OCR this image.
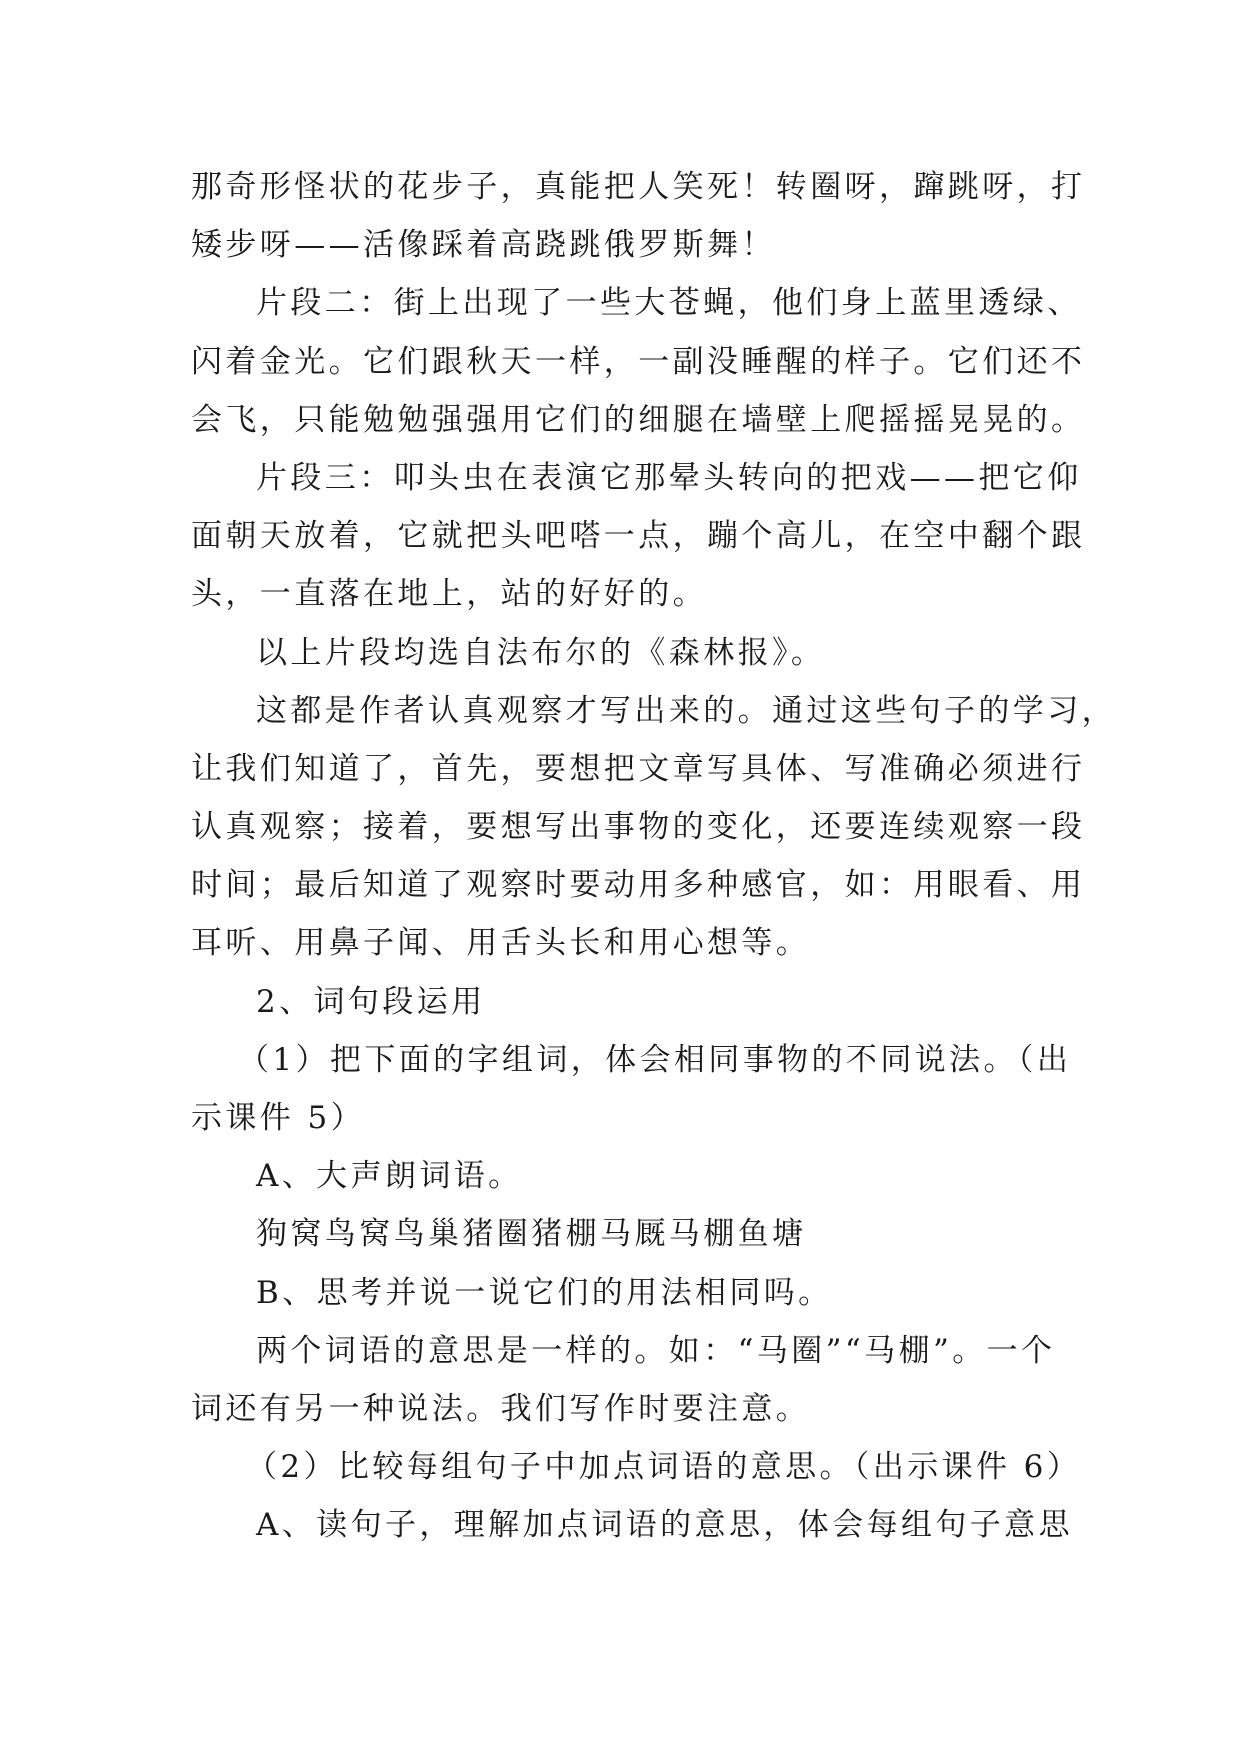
那奇形怪状的花步子，真能把人笑死！转圈呀，蹿跳呀，打
矮步呀——活像踩着高跷跳俄罗斯舞！
片段二：街上出现了一些大苍蝇，他们身上蓝里透绿、
闪着金光。它们跟秋天一样，一副没睡醒的样子。它们还不
会飞，只能勉勉强强用它们的细腿在墙壁上爬摇摇晃晃的。
片段三：叩头虫在表演它那晕头转向的把戏——把它仰
面朝天放着，它就把头吧嗒一点，蹦个高儿，在空中翻个跟
头，一直落在地上，站的好好的。
以上片段均选自法布尔的《森林报》。
这都是作者认真观察才写出来的。通过这些句子的学习，
让我们知道了，首先，要想把文章写具体、写准确必须进行
认真观察；接着，要想写出事物的变化，还要连续观察一段
时间；最后知道了观察时要动用多种感官，如：用眼看、用
耳听、用鼻子闻、用舌头长和用心想等。
2、词句段运用
（1）把下面的字组词，体会相同事物的不同说法。（出
示课件 5）
A、大声朗词语。
狗窝鸟窝鸟巢猪圈猪棚马厩马棚鱼塘
B、思考并说一说它们的用法相同吗。
两个词语的意思是一样的。如：“马圈”“马棚”。一个
词还有另一种说法。我们写作时要注意。
（2）比较每组句子中加点词语的意思。（出示课件 6）
A、读句子，理解加点词语的意思，体会每组句子意思
